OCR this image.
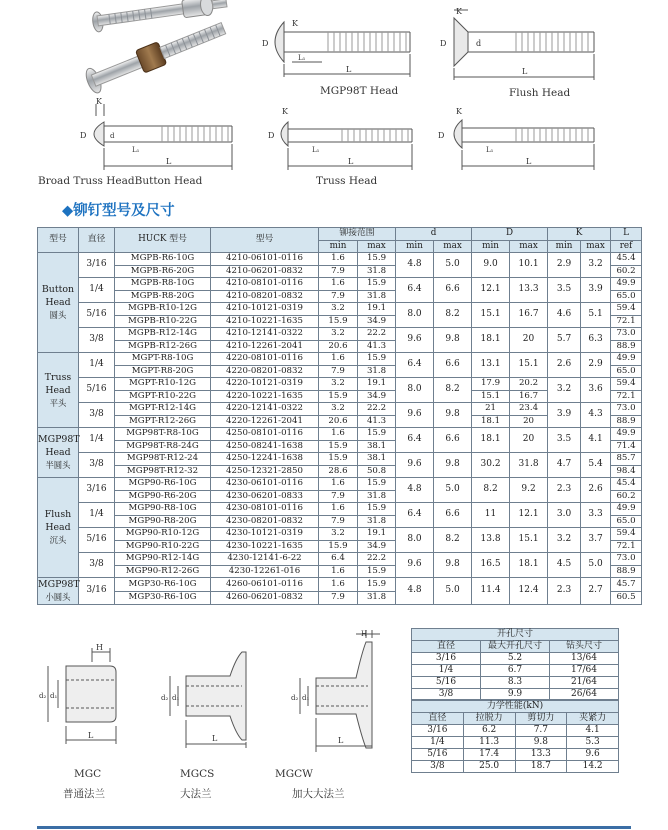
D
K
L₁
L
MGP98T Head
K
D	d
L
Flush Head
K
D	d
L₁
L
Broad Truss HeadButton Head
K
D
L₁
L
Truss Head
K
D
L₁
L
◆铆钉型号及尺寸
型号	直径	HUCK 型号	型号	铆接范围		d		D		K		L
				min	max	min	max	min	max	min	max	ref

Button
Head
圆头	3/16	MGPB-R6-10G	4210-06101-0116	1.6	15.9	4.8	5.0	9.0	10.1	2.9	3.2	45.4
		MGPB-R6-20G	4210-06201-0832	7.9	31.8							60.2
	1/4	MGPB-R8-10G	4210-08101-0116	1.6	15.9	6.4	6.6	12.1	13.3	3.5	3.9	49.9
		MGPB-R8-20G	4210-08201-0832	7.9	31.8							65.0
	5/16	MGPB-R10-12G	4210-10121-0319	3.2	19.1	8.0	8.2	15.1	16.7	4.6	5.1	59.4
		MGPB-R10-22G	4210-10221-1635	15.9	34.9							72.1
	3/8	MGPB-R12-14G	4210-12141-0322	3.2	22.2	9.6	9.8	18.1	20	5.7	6.3	73.0
		MGPB-R12-26G	4210-12261-2041	20.6	41.3							88.9

Truss
Head
平头	1/4	MGPT-R8-10G	4220-08101-0116	1.6	15.9	6.4	6.6	13.1	15.1	2.6	2.9	49.9
		MGPT-R8-20G	4220-08201-0832	7.9	31.8							65.0
	5/16	MGPT-R10-12G	4220-10121-0319	3.2	19.1	8.0	8.2	17.9	20.2	3.2	3.6	59.4
		MGPT-R10-22G	4220-10221-1635	15.9	34.9			15.1	16.7			72.1
	3/8	MGPT-R12-14G	4220-12141-0322	3.2	22.2	9.6	9.8	21	23.4	3.9	4.3	73.0
		MGPT-R12-26G	4220-12261-2041	20.6	41.3			18.1	20			88.9

MGP98T
Head
半圆头	1/4	MGP98T-R8-10G	4250-08101-0116	1.6	15.9	6.4	6.6	18.1	20	3.5	4.1	49.9
		MGP98T-R8-24G	4250-08241-1638	15.9	38.1							71.4
	3/8	MGP98T-R12-24	4250-12241-1638	15.9	38.1	9.6	9.8	30.2	31.8	4.7	5.4	85.7
		MGP98T-R12-32	4250-12321-2850	28.6	50.8							98.4

Flush
Head
沉头	3/16	MGP90-R6-10G	4230-06101-0116	1.6	15.9	4.8	5.0	8.2	9.2	2.3	2.6	45.4
		MGP90-R6-20G	4230-06201-0833	7.9	31.8							60.2
	1/4	MGP90-R8-10G	4230-08101-0116	1.6	15.9	6.4	6.6	11	12.1	3.0	3.3	49.9
		MGP90-R8-20G	4230-08201-0832	7.9	31.8							65.0
	5/16	MGP90-R10-12G	4230-10121-0319	3.2	19.1	8.0	8.2	13.8	15.1	3.2	3.7	59.4
		MGP90-R10-22G	4230-10221-1635	15.9	34.9							72.1
	3/8	MGP90-R12-14G	4230-12141-6-22	6.4	22.2	9.6	9.8	16.5	18.1	4.5	5.0	73.0
		MGP90-R12-26G	4230-12261-016	1.6	15.9							88.9

MGP98T
小圆头	3/16	MGP30-R6-10G	4260-06101-0116	1.6	15.9	4.8	5.0	11.4	12.4	2.3	2.7	45.7
		MGP30-R6-10G	4260-06201-0832	7.9	31.8							60.5
开孔尺寸		
直径	最大开孔尺寸	钻头尺寸
3/16	5.2	13/64
1/4	6.7	17/64
5/16	8.3	21/64
3/8	9.9	26/64
力学性能(kN)			
直径	拉脱力	剪切力	夹紧力
3/16	6.2	7.7	4.1
1/4	11.3	9.8	5.3
5/16	17.4	13.3	9.6
3/8	25.0	18.7	14.2
H
d₂ d₁
L
d₂ d₁
L
H
d₂ d₁
L
MGC
普通法兰
MGCS
大法兰
MGCW
加大大法兰
